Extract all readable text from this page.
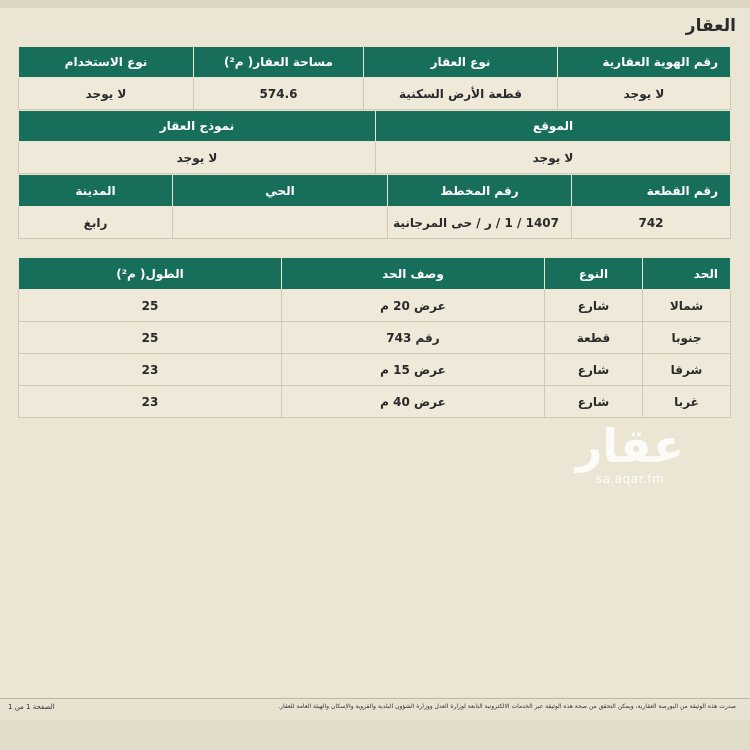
العقار
رقم الهوية العقارية	نوع العقار	مساحة العقار( م²)	نوع الاستخدام
لا يوجد	قطعة الأرض السكنية	574.6	لا يوجد
الموقع	نموذج العقار
لا يوجد	لا يوجد
رقم القطعة	رقم المخطط	الحي	المدينة
742	1407 / 1 / ر / حى المرجانية		رابغ
الحد	النوع	وصف الحد	الطول( م²)
شمالا	شارع	عرض 20 م	25
جنوبا	قطعة	رقم 743	25
شرقا	شارع	عرض 15 م	23
غربا	شارع	عرض 40 م	23
عقار
sa.aqar.fm
صدرت هذه الوثيقة من البورصة العقارية، ويمكن التحقق من صحة هذه الوثيقة عبر الخدمات الالكترونية التابعة لوزارة العدل ووزارة الشؤون البلدية والقروية والإسكان والهيئة العامة للعقار.
الصفحة 1 من 1
